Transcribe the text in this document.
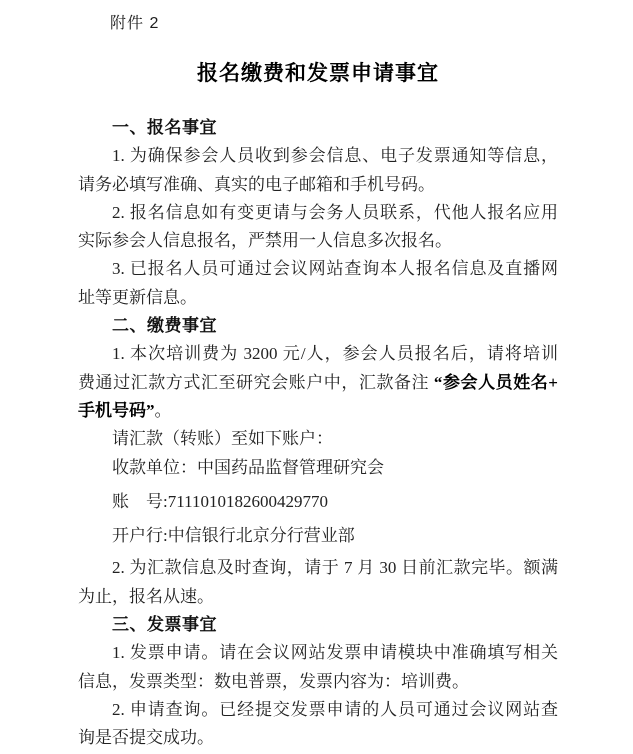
附件 2
报名缴费和发票申请事宜
一、报名事宜
1. 为确保参会人员收到参会信息、电子发票通知等信息，
请务必填写准确、真实的电子邮箱和手机号码。
2. 报名信息如有变更请与会务人员联系，代他人报名应用
实际参会人信息报名，严禁用一人信息多次报名。
3. 已报名人员可通过会议网站查询本人报名信息及直播网
址等更新信息。
二、缴费事宜
1. 本次培训费为 3200 元/人，参会人员报名后，请将培训
费通过汇款方式汇至研究会账户中，汇款备注 “参会人员姓名+
手机号码”。
请汇款（转账）至如下账户：
收款单位：中国药品监督管理研究会
账　号:7111010182600429770
开户行:中信银行北京分行营业部
2. 为汇款信息及时查询，请于 7 月 30 日前汇款完毕。额满
为止，报名从速。
三、发票事宜
1. 发票申请。请在会议网站发票申请模块中准确填写相关
信息，发票类型：数电普票，发票内容为：培训费。
2. 申请查询。已经提交发票申请的人员可通过会议网站查
询是否提交成功。
